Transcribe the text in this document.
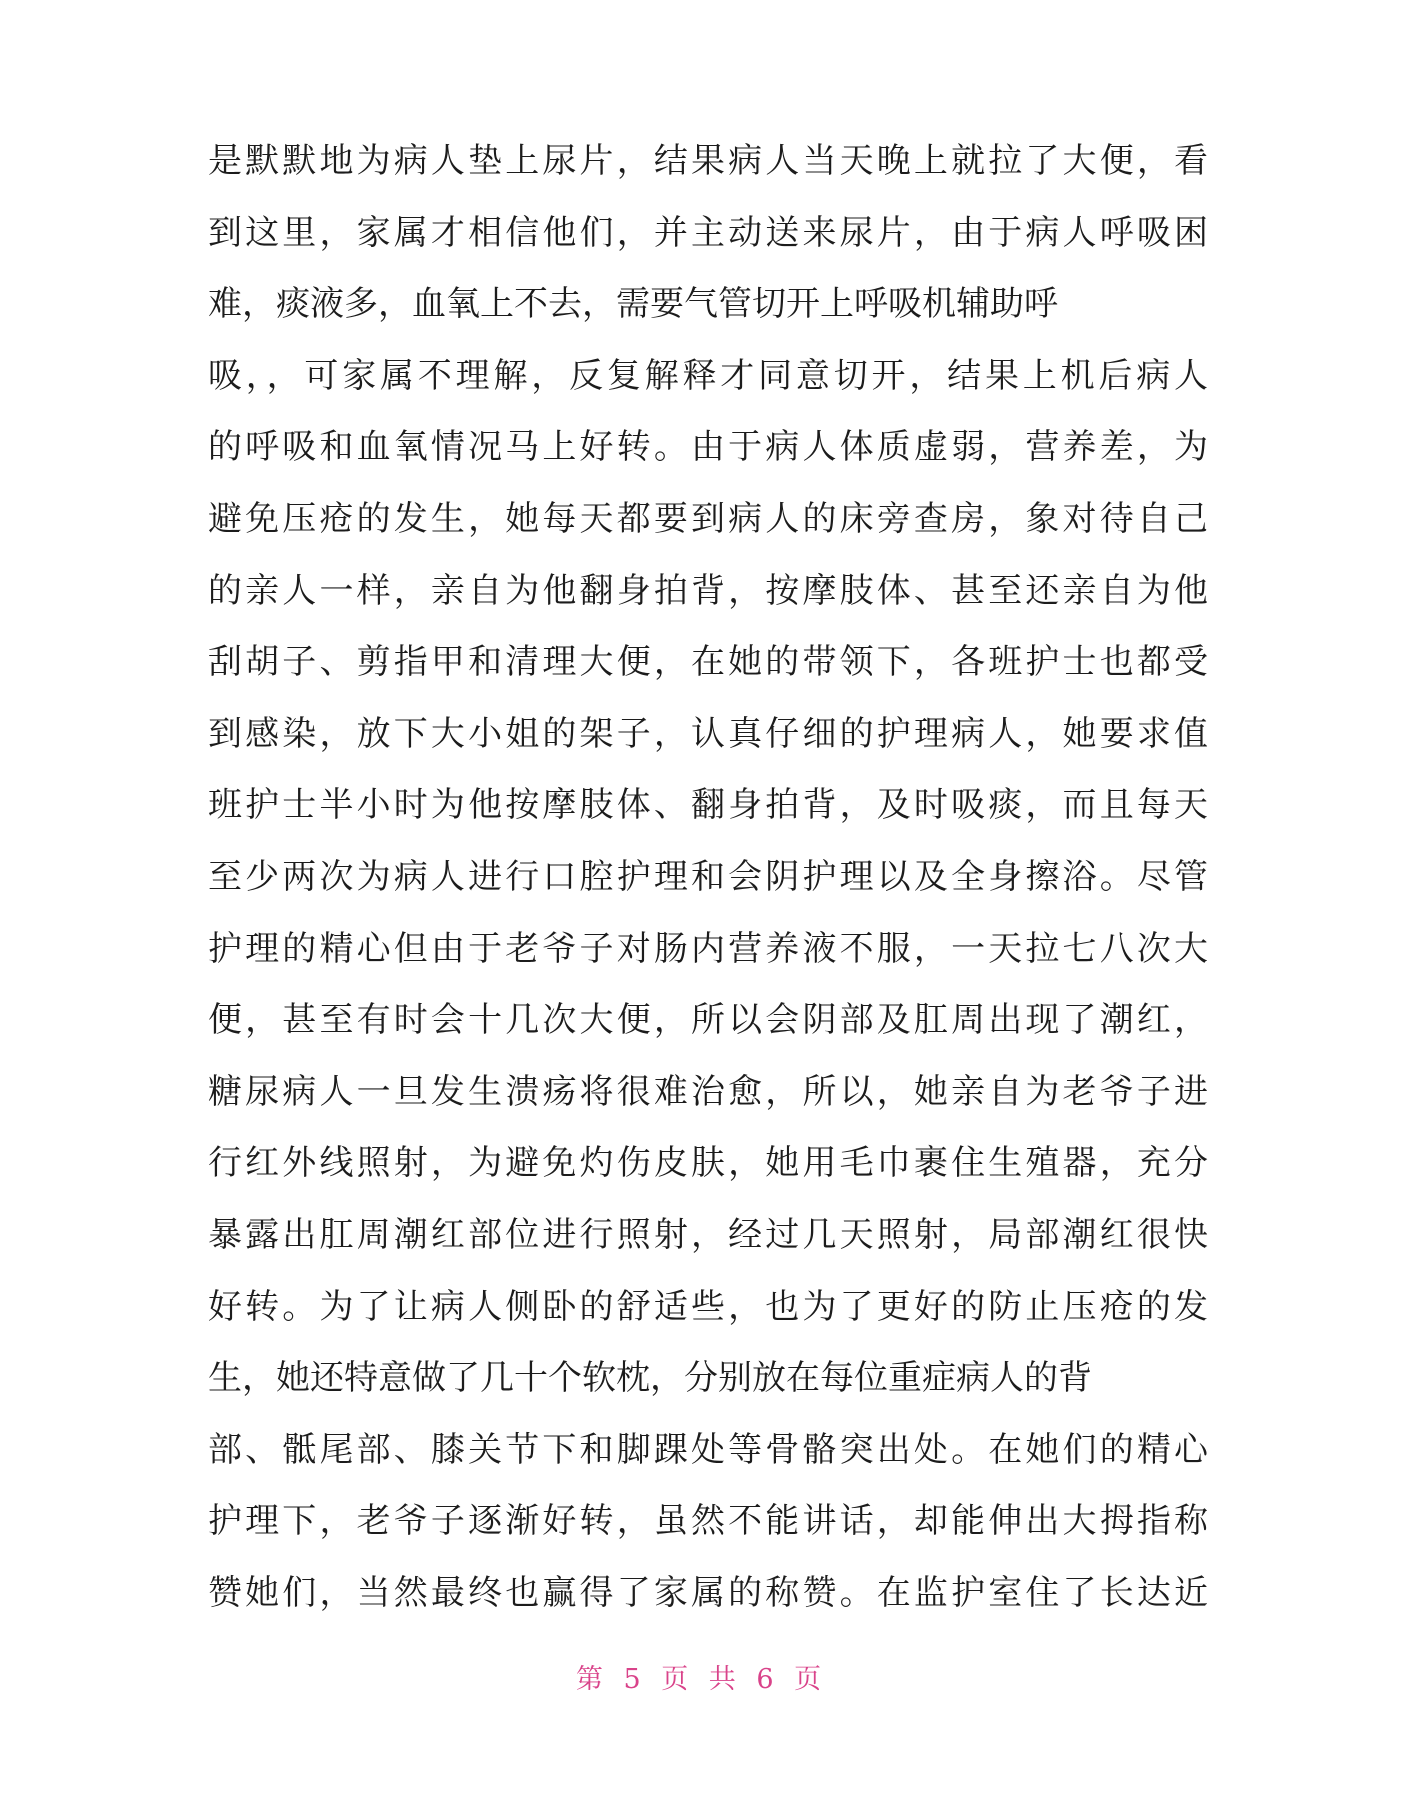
是默默地为病人垫上尿片，结果病人当天晚上就拉了大便，看
到这里，家属才相信他们，并主动送来尿片，由于病人呼吸困
难，痰液多，血氧上不去，需要气管切开上呼吸机辅助呼
吸，，可家属不理解，反复解释才同意切开，结果上机后病人
的呼吸和血氧情况马上好转。由于病人体质虚弱，营养差，为
避免压疮的发生，她每天都要到病人的床旁查房，象对待自己
的亲人一样，亲自为他翻身拍背，按摩肢体、甚至还亲自为他
刮胡子、剪指甲和清理大便，在她的带领下，各班护士也都受
到感染，放下大小姐的架子，认真仔细的护理病人，她要求值
班护士半小时为他按摩肢体、翻身拍背，及时吸痰，而且每天
至少两次为病人进行口腔护理和会阴护理以及全身擦浴。尽管
护理的精心但由于老爷子对肠内营养液不服，一天拉七八次大
便，甚至有时会十几次大便，所以会阴部及肛周出现了潮红，
糖尿病人一旦发生溃疡将很难治愈，所以，她亲自为老爷子进
行红外线照射，为避免灼伤皮肤，她用毛巾裹住生殖器，充分
暴露出肛周潮红部位进行照射，经过几天照射，局部潮红很快
好转。为了让病人侧卧的舒适些，也为了更好的防止压疮的发
生，她还特意做了几十个软枕，分别放在每位重症病人的背
部、骶尾部、膝关节下和脚踝处等骨骼突出处。在她们的精心
护理下，老爷子逐渐好转，虽然不能讲话，却能伸出大拇指称
赞她们，当然最终也赢得了家属的称赞。在监护室住了长达近
第 5 页 共 6 页
